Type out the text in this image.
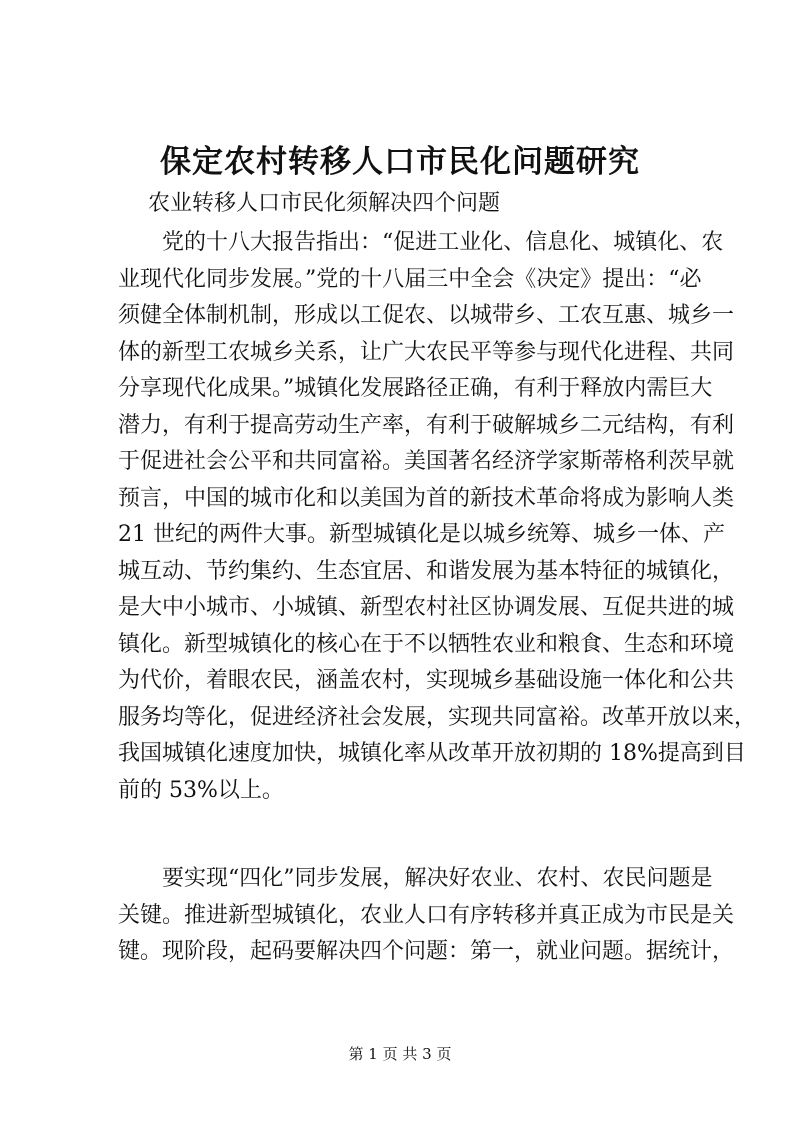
保定农村转移人口市民化问题研究
农业转移人口市民化须解决四个问题
　　党的十八大报告指出：“促进工业化、信息化、城镇化、农
业现代化同步发展。”党的十八届三中全会《决定》提出：“必
须健全体制机制，形成以工促农、以城带乡、工农互惠、城乡一
体的新型工农城乡关系，让广大农民平等参与现代化进程、共同
分享现代化成果。”城镇化发展路径正确，有利于释放内需巨大
潜力，有利于提高劳动生产率，有利于破解城乡二元结构，有利
于促进社会公平和共同富裕。美国著名经济学家斯蒂格利茨早就
预言，中国的城市化和以美国为首的新技术革命将成为影响人类
21 世纪的两件大事。新型城镇化是以城乡统筹、城乡一体、产
城互动、节约集约、生态宜居、和谐发展为基本特征的城镇化，
是大中小城市、小城镇、新型农村社区协调发展、互促共进的城
镇化。新型城镇化的核心在于不以牺牲农业和粮食、生态和环境
为代价，着眼农民，涵盖农村，实现城乡基础设施一体化和公共
服务均等化，促进经济社会发展，实现共同富裕。改革开放以来，
我国城镇化速度加快，城镇化率从改革开放初期的 18%提高到目
前的 53%以上。
　　要实现“四化”同步发展，解决好农业、农村、农民问题是
关键。推进新型城镇化，农业人口有序转移并真正成为市民是关
键。现阶段，起码要解决四个问题：第一，就业问题。据统计，
第 1 页 共 3 页
